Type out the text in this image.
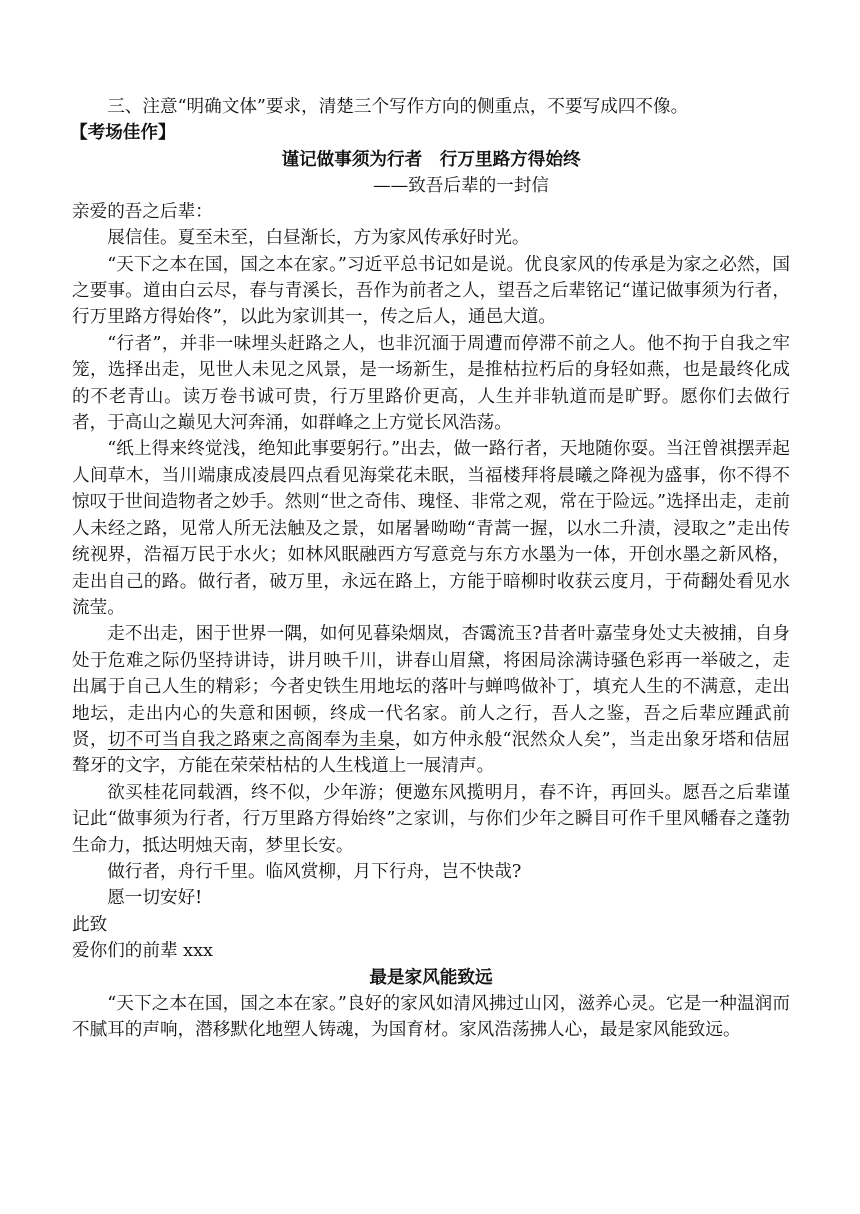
三、注意“明确文体”要求，清楚三个写作方向的侧重点，不要写成四不像。

【考场佳作】
谨记做事须为行者　行万里路方得始终
——致吾后辈的一封信

亲爱的吾之后辈：

展信佳。夏至未至，白昼渐长，方为家风传承好时光。

“天下之本在国，国之本在家。”习近平总书记如是说。优良家风的传承是为家之必然，国之要事。道由白云尽，春与青溪长，吾作为前者之人，望吾之后辈铭记“谨记做事须为行者，行万里路方得始佟”，以此为家训其一，传之后人，通邑大道。

“行者”，并非一味埋头赶路之人，也非沉湎于周遭而停滞不前之人。他不拘于自我之牢笼，选择出走，见世人未见之风景，是一场新生，是推枯拉朽后的身轻如燕，也是最终化成的不老青山。读万卷书诚可贵，行万里路价更高，人生并非轨道而是旷野。愿你们去做行者，于高山之巅见大河奔涌，如群峰之上方觉长风浩荡。

“纸上得来终觉浅，绝知此事要躬行。”出去，做一路行者，天地随你耍。当汪曾祺摆弄起人间草木，当川端康成凌晨四点看见海棠花未眠，当福楼拜将晨曦之降视为盛事，你不得不惊叹于世间造物者之妙手。然则“世之奇伟、瑰怪、非常之观，常在于险远。”选择出走，走前人未经之路，见常人所无法触及之景，如屠暑呦呦“青蒿一握，以水二升渍，浸取之”走出传统视界，浩福万民于水火；如林风眠融西方写意竞与东方水墨为一体，开创水墨之新风格，走出自己的路。做行者，破万里，永远在路上，方能于暗柳时收获云度月，于荷翻处看见水流莹。

走不出走，困于世界一隅，如何见暮染烟岚，杏霭流玉?昔者叶嘉莹身处丈夫被捕，自身处于危难之际仍坚持讲诗，讲月映千川，讲春山眉黛，将困局涂满诗骚色彩再一举破之，走出属于自己人生的精彩；今者史铁生用地坛的落叶与蝉鸣做补丁，填充人生的不满意，走出地坛，走出内心的失意和困顿，终成一代名家。前人之行，吾人之鉴，吾之后辈应踵武前贤，切不可当自我之路柬之高阁奉为圭臬，如方仲永般“泯然众人矣”，当走出象牙塔和佶屈聱牙的文字，方能在荣荣枯枯的人生栈道上一展清声。

欲买桂花同载酒，终不似，少年游；便邀东风揽明月，春不许，再回头。愿吾之后辈谨记此“做事须为行者，行万里路方得始终”之家训，与你们少年之瞬目可作千里风幡春之蓬勃生命力，抵达明烛天南，梦里长安。

做行者，舟行千里。临风赏柳，月下行舟，岂不快哉?

愿一切安好!

此致

爱你们的前辈 xxx

最是家风能致远

“天下之本在国，国之本在家。”良好的家风如清风拂过山冈，滋养心灵。它是一种温润而不腻耳的声响，潜移默化地塑人铸魂，为国育材。家风浩荡拂人心，最是家风能致远。
